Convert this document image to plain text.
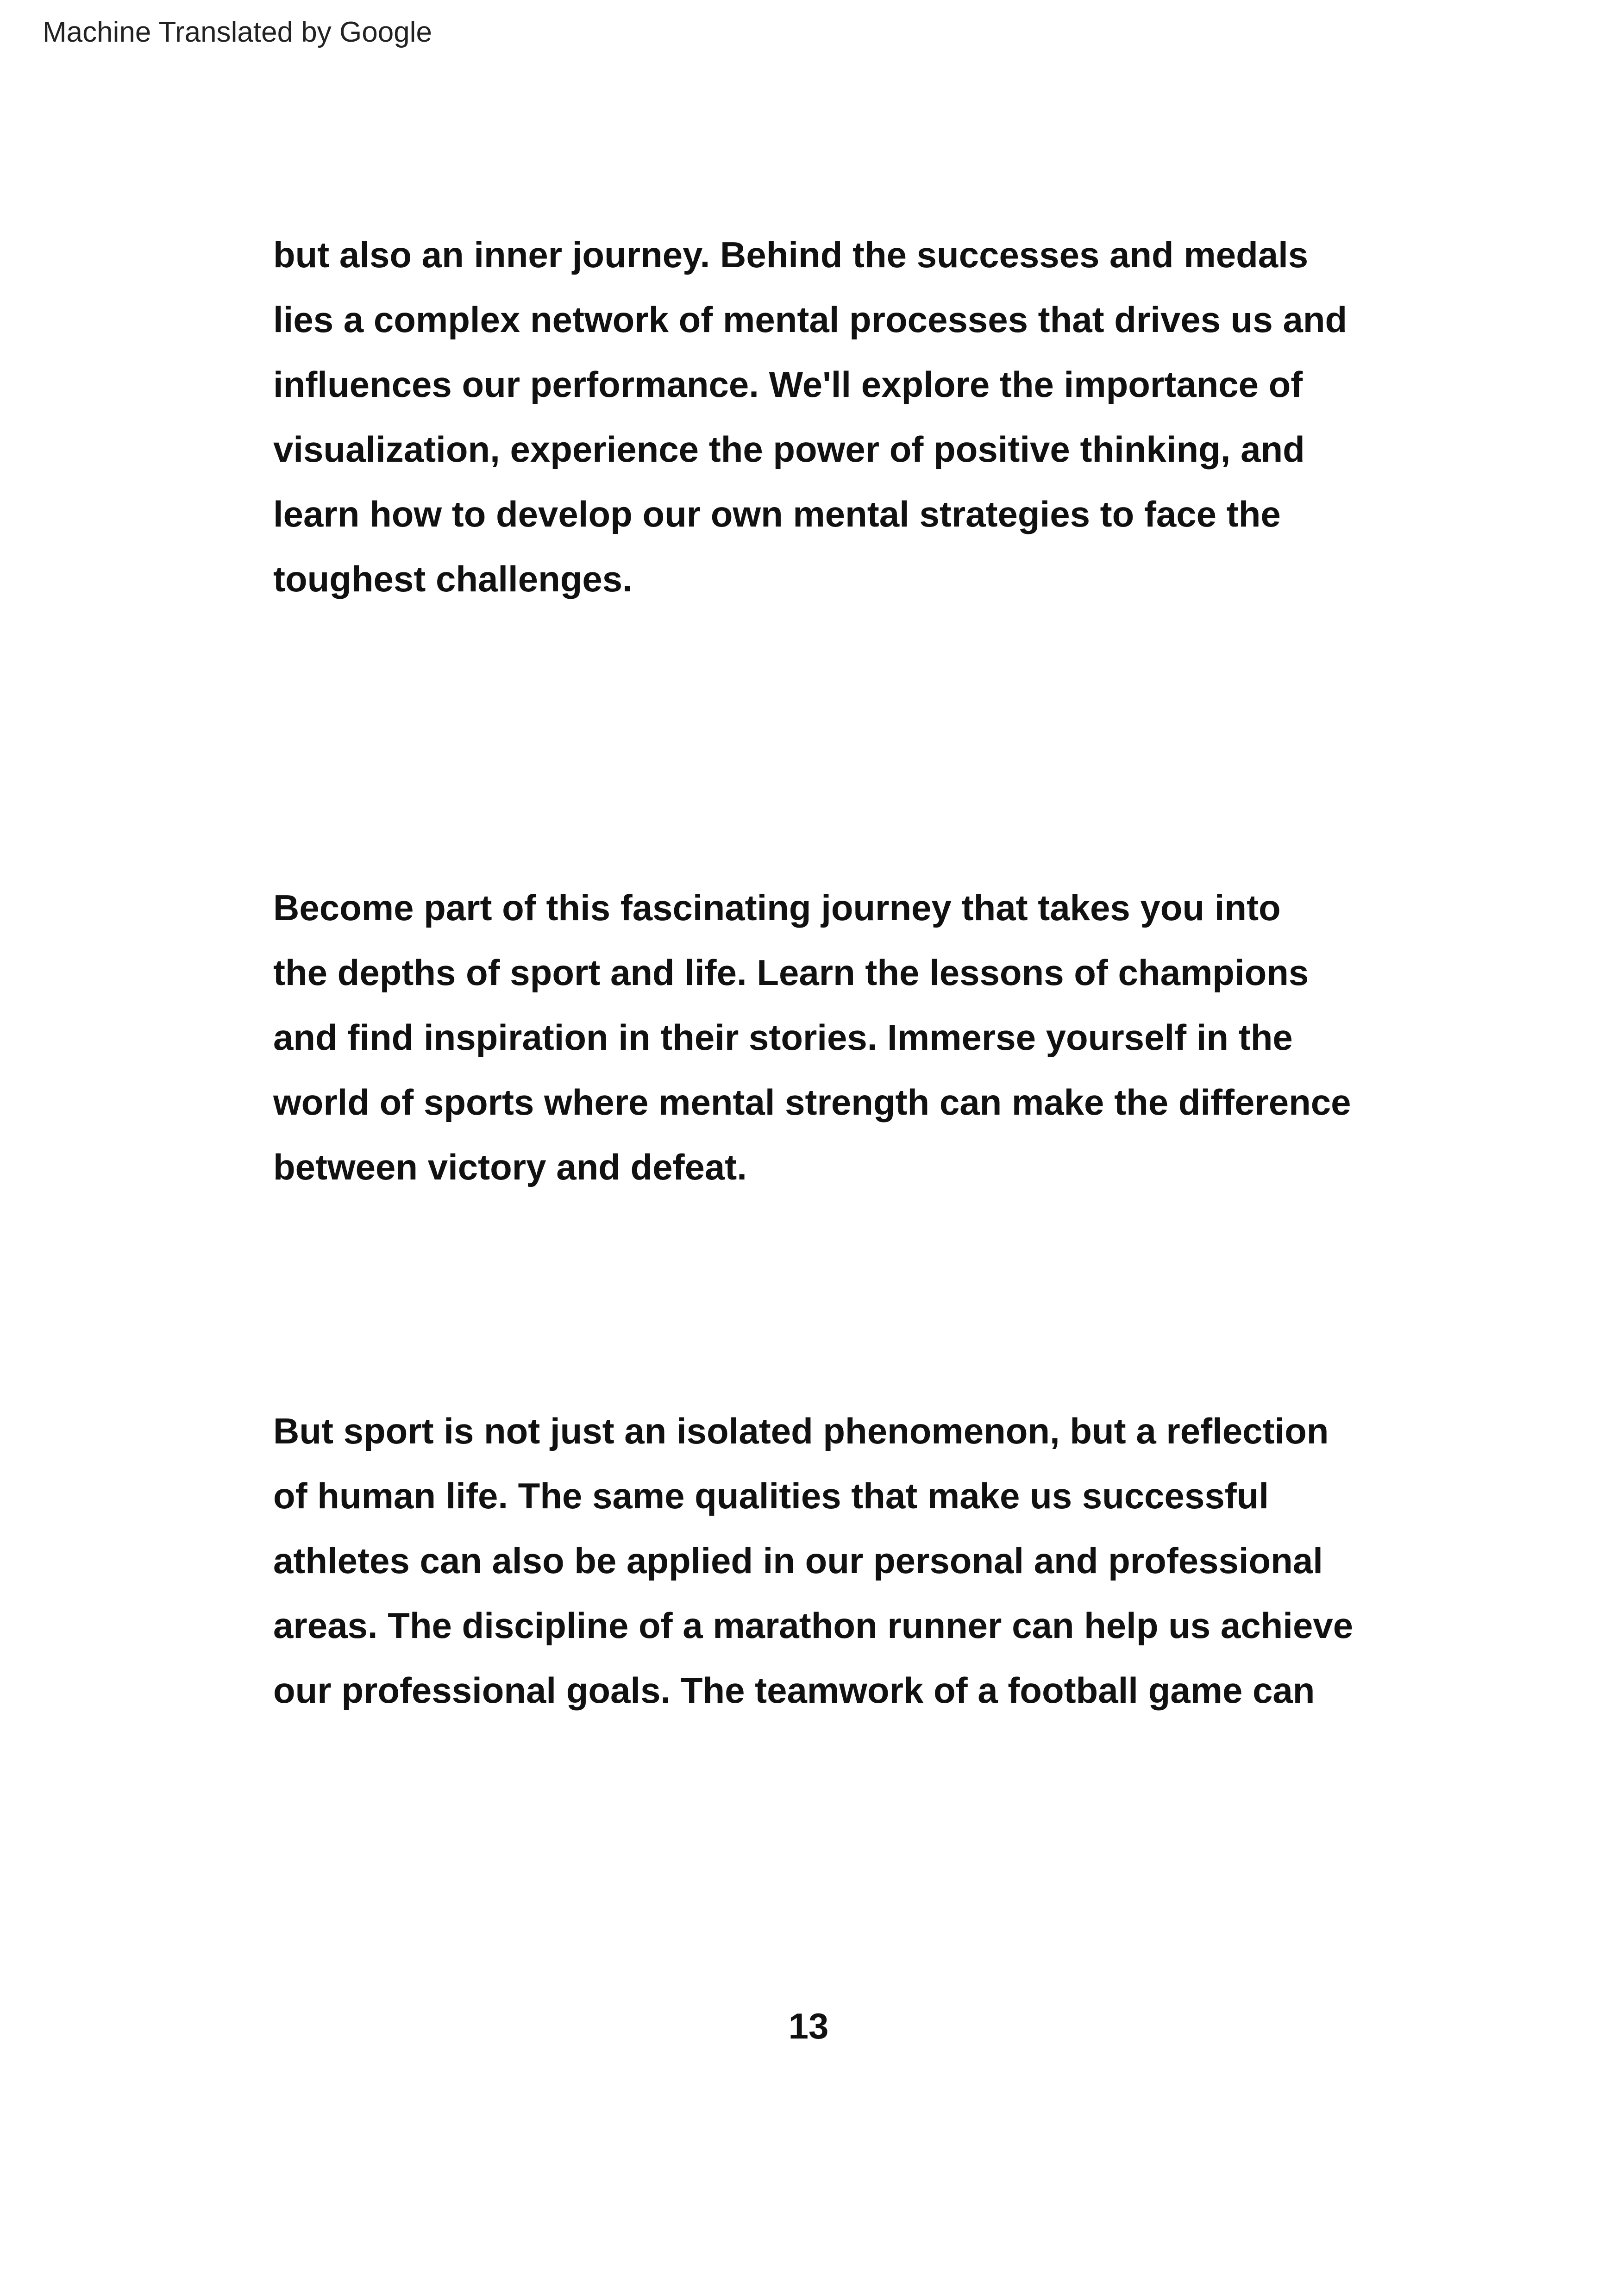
Machine Translated by Google
but also an inner journey. Behind the successes and medals
lies a complex network of mental processes that drives us and
influences our performance. We'll explore the importance of
visualization, experience the power of positive thinking, and
learn how to develop our own mental strategies to face the
toughest challenges.
Become part of this fascinating journey that takes you into
the depths of sport and life. Learn the lessons of champions
and find inspiration in their stories. Immerse yourself in the
world of sports where mental strength can make the difference
between victory and defeat.
But sport is not just an isolated phenomenon, but a reflection
of human life. The same qualities that make us successful
athletes can also be applied in our personal and professional
areas. The discipline of a marathon runner can help us achieve
our professional goals. The teamwork of a football game can
13
